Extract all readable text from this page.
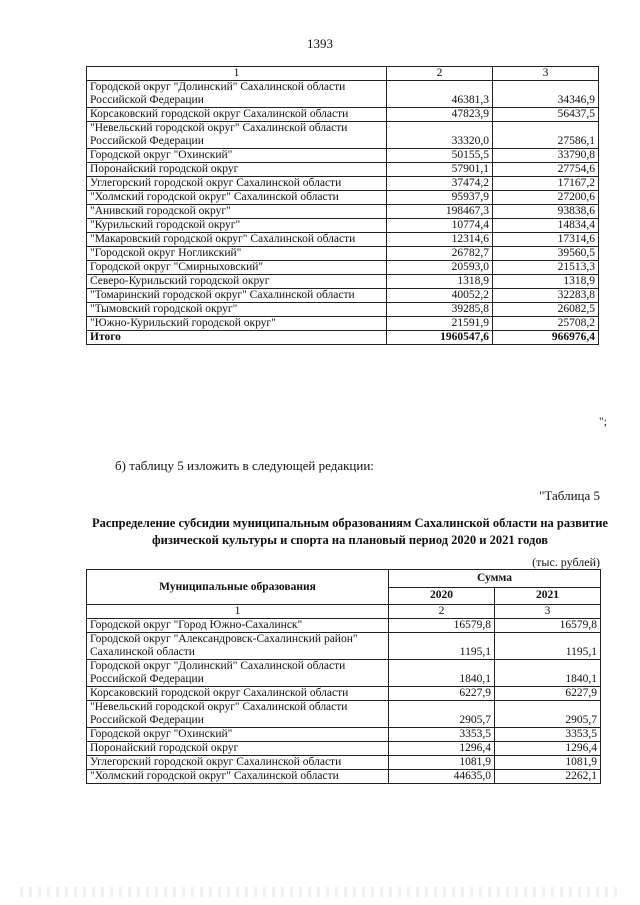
1393
1	2	3
Городской округ "Долинский" Сахалинской области Российской Федерации	46381,3	34346,9
Корсаковский городской округ Сахалинской области	47823,9	56437,5
"Невельский городской округ" Сахалинской области Российской Федерации	33320,0	27586,1
Городской округ "Охинский"	50155,5	33790,8
Поронайский городской округ	57901,1	27754,6
Углегорский городской округ Сахалинской области	37474,2	17167,2
"Холмский городской округ" Сахалинской области	95937,9	27200,6
"Анивский городской округ"	198467,3	93838,6
"Курильский городской округ"	10774,4	14834,4
"Макаровский городской округ" Сахалинской области	12314,6	17314,6
"Городской округ Ногликский"	26782,7	39560,5
Городской округ "Смирныховский"	20593,0	21513,3
Северо-Курильский городской округ	1318,9	1318,9
"Томаринский городской округ" Сахалинской области	40052,2	32283,8
"Тымовский городской округ"	39285,8	26082,5
"Южно-Курильский городской округ"	21591,9	25708,2
Итого	1960547,6	966976,4
";
б) таблицу 5 изложить в следующей редакции:
"Таблица 5
Распределение субсидии муниципальным образованиям Сахалинской области на развитие физической культуры и спорта на плановый период 2020 и 2021 годов
(тыс. рублей)
Муниципальные образования	Сумма	
	2020	2021
1	2	3
Городской округ "Город Южно-Сахалинск"	16579,8	16579,8
Городской округ "Александровск-Сахалинский район" Сахалинской области	1195,1	1195,1
Городской округ "Долинский" Сахалинской области Российской Федерации	1840,1	1840,1
Корсаковский городской округ Сахалинской области	6227,9	6227,9
"Невельский городской округ" Сахалинской области Российской Федерации	2905,7	2905,7
Городской округ "Охинский"	3353,5	3353,5
Поронайский городской округ	1296,4	1296,4
Углегорский городской округ Сахалинской области	1081,9	1081,9
"Холмский городской округ" Сахалинской области	44635,0	2262,1
